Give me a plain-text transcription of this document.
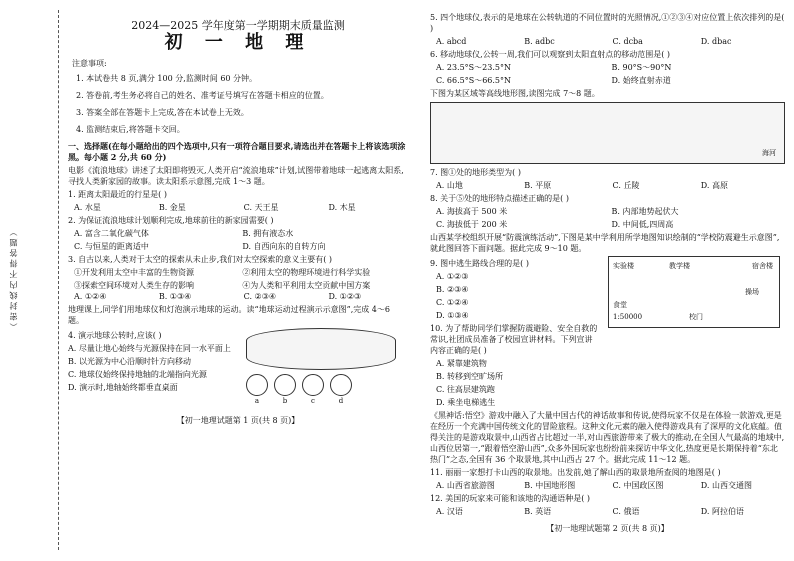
（ 密 封 线 内 不 得 答 题 ）
2024—2025 学年度第一学期期末质量监测
初 一 地 理
注意事项:
1. 本试卷共 8 页,满分 100 分,监测时间 60 分钟。
2. 答卷前,考生务必将自己的姓名、准考证号填写在答题卡相应的位置。
3. 答案全部在答题卡上完成,答在本试卷上无效。
4. 监测结束后,将答题卡交回。
一、选择题(在每小题给出的四个选项中,只有一项符合题目要求,请选出并在答题卡上将该选项涂黑。每小题 2 分,共 60 分)
电影《流浪地球》讲述了太阳即将毁灭,人类开启“流浪地球”计划,试图带着地球一起逃离太阳系,寻找人类新家园的故事。读太阳系示意图,完成 1～3 题。
1. 距离太阳最近的行星是( )
A. 水星	B. 金星	C. 天王星	D. 木星
2. 为保证流浪地球计划顺利完成,地球前往的新家园需要( )
A. 富含二氧化碳气体	B. 拥有液态水
C. 与恒星的距离适中	D. 自西向东的自转方向
3. 自古以来,人类对于太空的探索从未止步,我们对太空探索的意义主要有( )
①开发利用太空中丰富的生物资源	②利用太空的物理环境进行科学实验
③探索空间环境对人类生存的影响	④为人类和平利用太空贡献中国方案
A. ①②④	B. ①③④	C. ②③④	D. ①②③
地理课上,同学们用地球仪和灯泡演示地球的运动。读“地球运动过程演示示意图”,完成 4～6 题。
4. 演示地球公转时,应该( )
A. 尽量让地心始终与光源保持在同一水平面上
B. 以光源为中心沿顺时针方向移动
C. 地球仪始终保持地轴的北端指向光源
D. 演示时,地轴始终都垂直桌面
a	b	c	d
【初一地理试题第 1 页(共 8 页)】
5. 四个地球仪,表示的是地球在公转轨道的不同位置时的光照情况,①②③④对应位置上依次排列的是( )
A. abcd	B. adbc	C. dcba	D. dbac
6. 移动地球仪,公转一周,我们可以观察到太阳直射点的移动范围是( )
A. 23.5°S～23.5°N	B. 90°S～90°N
C. 66.5°S～66.5°N	D. 始终直射赤道
下图为某区域等高线地形图,读图完成 7～8 题。
海河
7. 图①处的地形类型为( )
A. 山地	B. 平原	C. 丘陵	D. 高原
8. 关于⑤处的地形特点描述正确的是( )
A. 海拔高于 500 米	B. 内部地势起伏大
C. 海拔低于 200 米	D. 中间低,四周高
山西某学校组织开展“防震演练活动”,下图是某中学利用所学地图知识绘制的“学校防震避生示意图”,就此图回答下面问题。据此完成 9～10 题。
9. 图中逃生路线合理的是( )
A. ①②③
B. ②③④
C. ①②④
D. ①③④
10. 为了帮助同学们掌握防震避险、安全自救的常识,社团成员准备了校园宣讲材料。下列宣讲内容正确的是( )
A. 紧靠建筑物
B. 转移到空旷场所
C. 往高层建筑跑
D. 乘坐电梯逃生
实验楼	教学楼	宿舍楼
食堂
操场
校门
1:50000
《黑神话:悟空》游戏中融入了大量中国古代的神话故事和传说,使得玩家不仅是在体验一款游戏,更是在经历一个充满中国传统文化的冒险旅程。这种文化元素的融入使得游戏具有了深厚的文化底蕴。值得关注的是游戏取景中,山西省占比超过一半,对山西旅游带来了极大的推动,在全国人气最高的地域中,山西位居第一,“跟着悟空游山西”,众多外国玩家也纷纷前来探访中华文化,热度更是长期保持着“东北热门”之态,全国有 36 个取景地,其中山西占 27 个。据此完成 11～12 题。
11. 丽丽一家想打卡山西的取景地。出发前,她了解山西的取景地所查阅的地图是( )
A. 山西省旅游图	B. 中国地形图	C. 中国政区图	D. 山西交通图
12. 美国的玩家来可能和该地的沟通语种是( )
A. 汉语	B. 英语	C. 俄语	D. 阿拉伯语
【初一地理试题第 2 页(共 8 页)】
